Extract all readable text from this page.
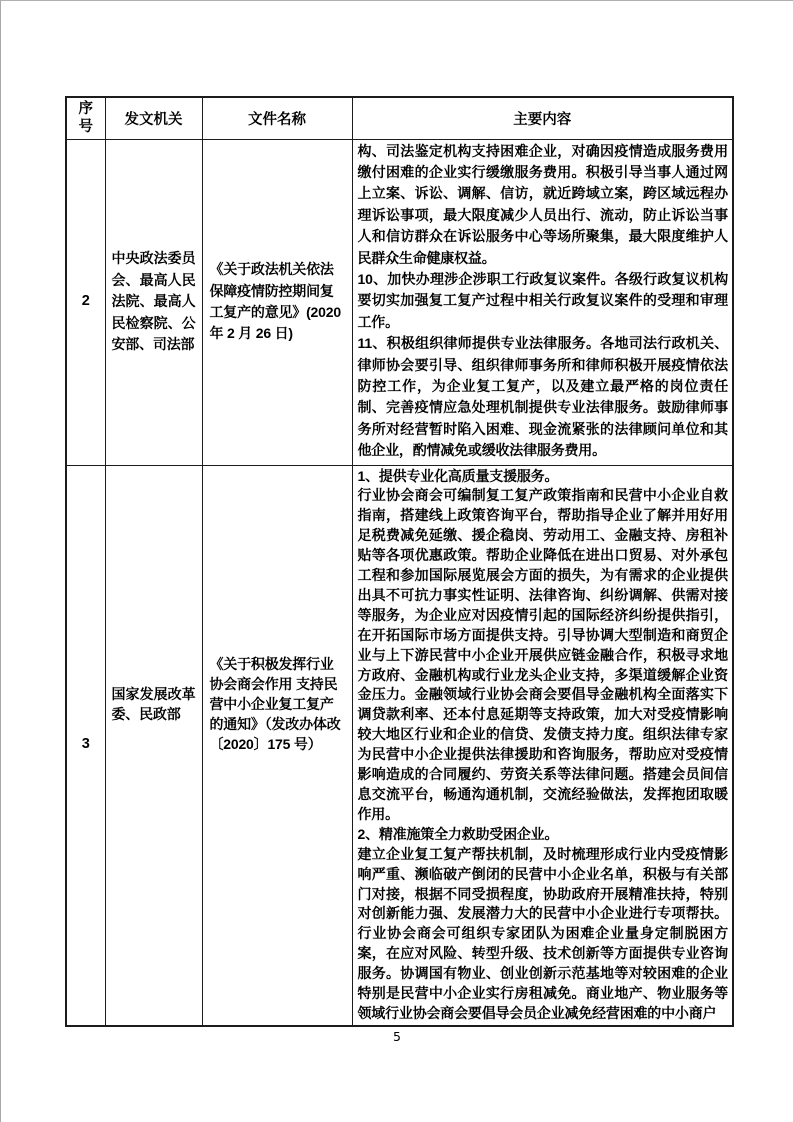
序号	发文机关	文件名称	主要内容
2	中央政法委员会、最高人民法院、最高人民检察院、公安部、司法部	《关于政法机关依法保障疫情防控期间复工复产的意见》(2020 年 2 月 26 日)	构、司法鉴定机构支持困难企业，对确因疫情造成服务费用缴付困难的企业实行缓缴服务费用。积极引导当事人通过网上立案、诉讼、调解、信访，就近跨域立案，跨区域远程办理诉讼事项，最大限度减少人员出行、流动，防止诉讼当事人和信访群众在诉讼服务中心等场所聚集，最大限度维护人民群众生命健康权益。

10、加快办理涉企涉职工行政复议案件。各级行政复议机构要切实加强复工复产过程中相关行政复议案件的受理和审理工作。

11、积极组织律师提供专业法律服务。各地司法行政机关、律师协会要引导、组织律师事务所和律师积极开展疫情依法防控工作，为企业复工复产，以及建立最严格的岗位责任制、完善疫情应急处理机制提供专业法律服务。鼓励律师事务所对经营暂时陷入困难、现金流紧张的法律顾问单位和其他企业，酌情减免或缓收法律服务费用。

3	国家发展改革委、民政部	《关于积极发挥行业协会商会作用 支持民营中小企业复工复产的通知》（发改办体改〔2020〕175 号）	1、提供专业化高质量支援服务。

行业协会商会可编制复工复产政策指南和民营中小企业自救指南，搭建线上政策咨询平台，帮助指导企业了解并用好用足税费减免延缴、援企稳岗、劳动用工、金融支持、房租补贴等各项优惠政策。帮助企业降低在进出口贸易、对外承包工程和参加国际展览展会方面的损失，为有需求的企业提供出具不可抗力事实性证明、法律咨询、纠纷调解、供需对接等服务，为企业应对因疫情引起的国际经济纠纷提供指引，在开拓国际市场方面提供支持。引导协调大型制造和商贸企业与上下游民营中小企业开展供应链金融合作，积极寻求地方政府、金融机构或行业龙头企业支持，多渠道缓解企业资金压力。金融领域行业协会商会要倡导金融机构全面落实下调贷款利率、还本付息延期等支持政策，加大对受疫情影响较大地区行业和企业的信贷、发债支持力度。组织法律专家为民营中小企业提供法律援助和咨询服务，帮助应对受疫情影响造成的合同履约、劳资关系等法律问题。搭建会员间信息交流平台，畅通沟通机制，交流经验做法，发挥抱团取暖作用。

2、精准施策全力救助受困企业。

建立企业复工复产帮扶机制，及时梳理形成行业内受疫情影响严重、濒临破产倒闭的民营中小企业名单，积极与有关部门对接，根据不同受损程度，协助政府开展精准扶持，特别对创新能力强、发展潜力大的民营中小企业进行专项帮扶。行业协会商会可组织专家团队为困难企业量身定制脱困方案，在应对风险、转型升级、技术创新等方面提供专业咨询服务。协调国有物业、创业创新示范基地等对较困难的企业特别是民营中小企业实行房租减免。商业地产、物业服务等领域行业协会商会要倡导会员企业减免经营困难的中小商户

5
